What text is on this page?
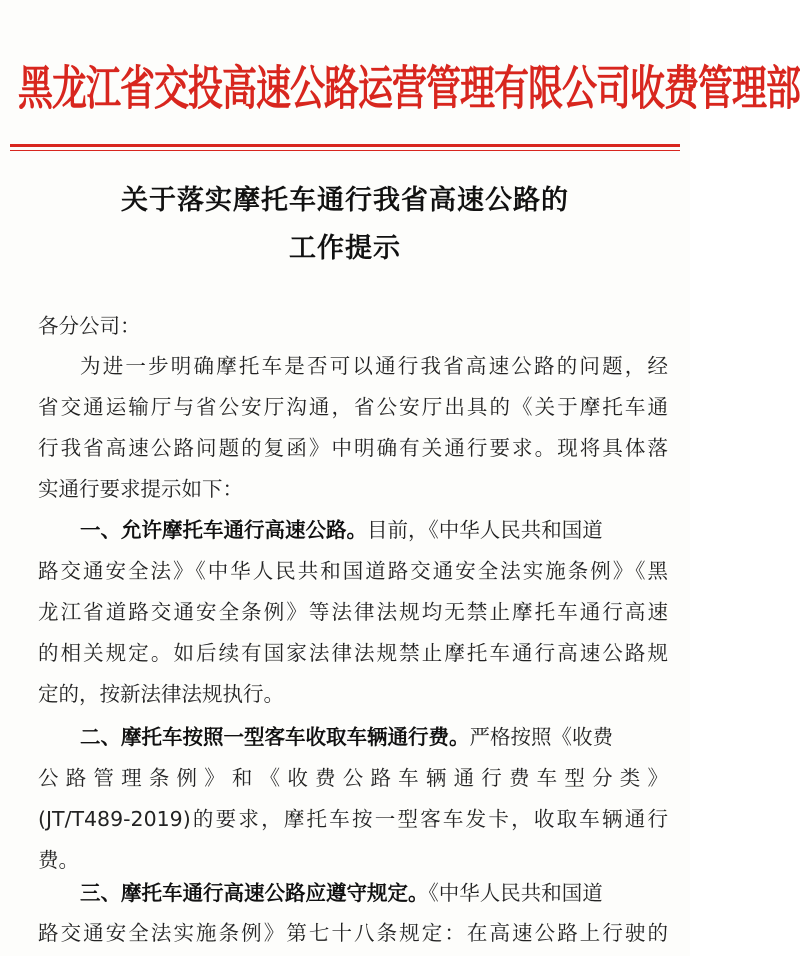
黑龙江省交投高速公路运营管理有限公司收费管理部
关于落实摩托车通行我省高速公路的
工作提示
各分公司：
为进一步明确摩托车是否可以通行我省高速公路的问题，经
省交通运输厅与省公安厅沟通，省公安厅出具的《关于摩托车通
行我省高速公路问题的复函》中明确有关通行要求。现将具体落
实通行要求提示如下：
一、允许摩托车通行高速公路。目前，《中华人民共和国道
路交通安全法》《中华人民共和国道路交通安全法实施条例》《黑
龙江省道路交通安全条例》等法律法规均无禁止摩托车通行高速
的相关规定。如后续有国家法律法规禁止摩托车通行高速公路规
定的，按新法律法规执行。
二、摩托车按照一型客车收取车辆通行费。严格按照《收费
公路管理条例》和《收费公路车辆通行费车型分类》
(JT/T489-2019)的要求，摩托车按一型客车发卡，收取车辆通行
费。
三、摩托车通行高速公路应遵守规定。《中华人民共和国道
路交通安全法实施条例》第七十八条规定：在高速公路上行驶的
